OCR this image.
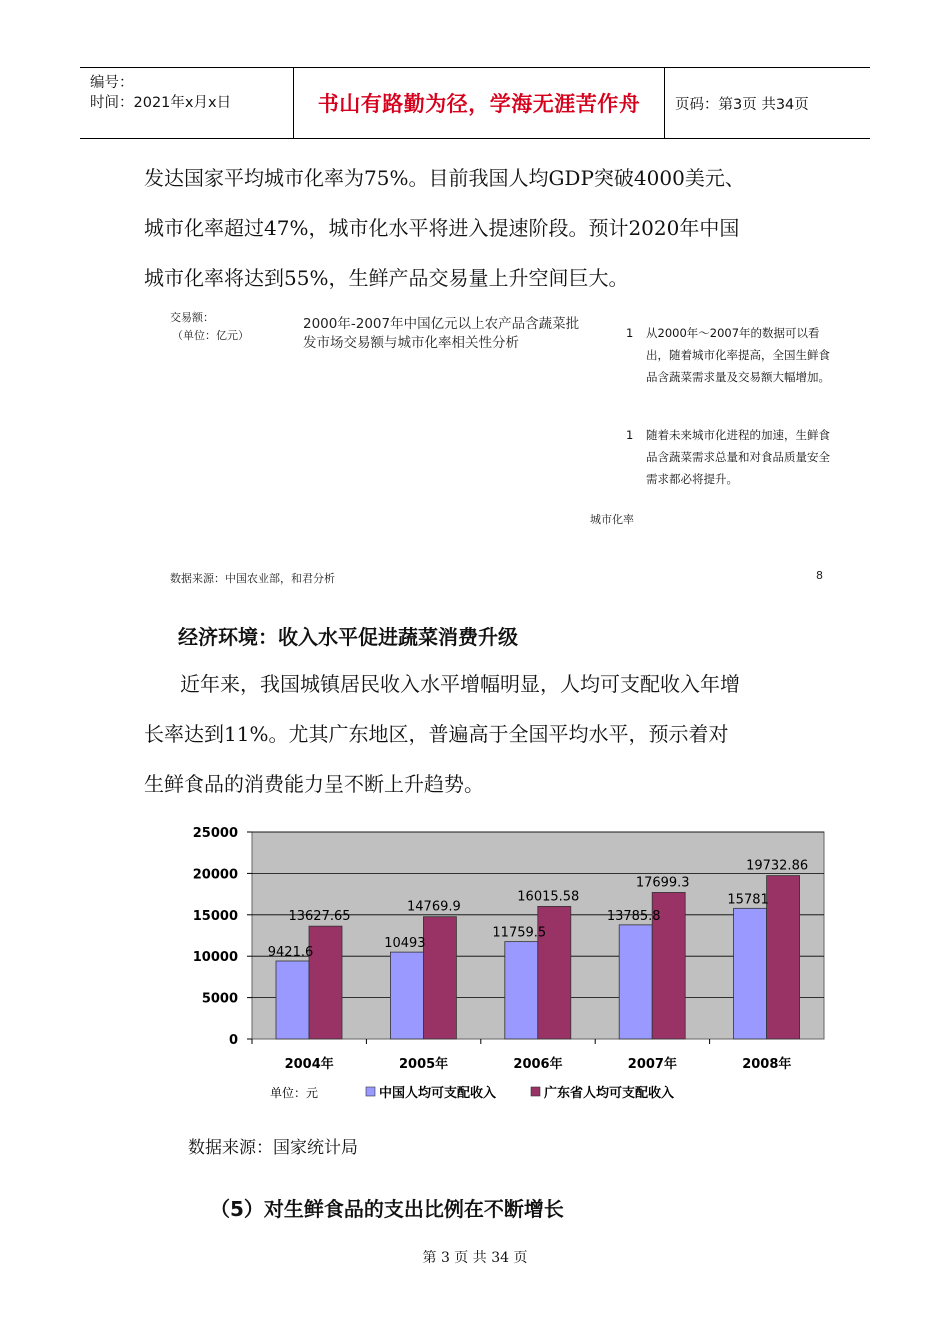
编号：
时间：2021年x月x日	书山有路勤为径，学海无涯苦作舟	页码：第3页 共34页
发达国家平均城市化率为75%。目前我国人均GDP突破4000美元、
城市化率超过47%，城市化水平将进入提速阶段。预计2020年中国
城市化率将达到55%，生鲜产品交易量上升空间巨大。
交易额：
（单位：亿元）
2000年-2007年中国亿元以上农产品含蔬菜批发市场交易额与城市化率相关性分析
1	从2000年～2007年的数据可以看出，随着城市化率提高，全国生鲜食品含蔬菜需求量及交易额大幅增加。
1	随着未来城市化进程的加速，生鲜食品含蔬菜需求总量和对食品质量安全需求都必将提升。
城市化率
数据来源：中国农业部，和君分析	8
经济环境：收入水平促进蔬菜消费升级
近年来，我国城镇居民收入水平增幅明显，人均可支配收入年增
长率达到11%。尤其广东地区，普遍高于全国平均水平，预示着对
生鲜食品的消费能力呈不断上升趋势。
25000
20000
15000
10000
5000
0
9421.6
13627.65
2004年
10493
14769.9
2005年
11759.5
16015.58
2006年
13785.8
17699.3
2007年
15781
19732.86
2008年
单位：元	中国人均可支配收入	广东省人均可支配收入
数据来源：国家统计局
（5）对生鲜食品的支出比例在不断增长
第 3 页 共 34 页
